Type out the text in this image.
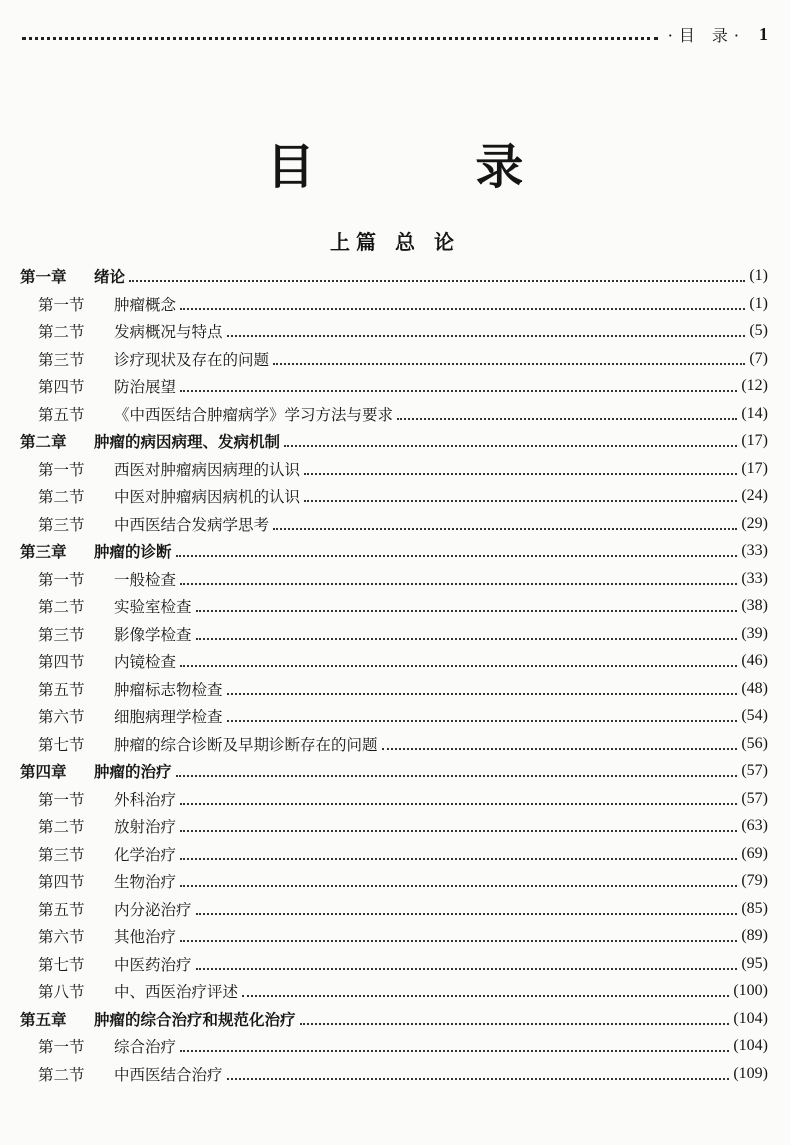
·目 录· 1
目 录
上篇 总 论
第一章	绪论	(1)
第一节	肿瘤概念	(1)
第二节	发病概况与特点	(5)
第三节	诊疗现状及存在的问题	(7)
第四节	防治展望	(12)
第五节	《中西医结合肿瘤病学》学习方法与要求	(14)
第二章	肿瘤的病因病理、发病机制	(17)
第一节	西医对肿瘤病因病理的认识	(17)
第二节	中医对肿瘤病因病机的认识	(24)
第三节	中西医结合发病学思考	(29)
第三章	肿瘤的诊断	(33)
第一节	一般检查	(33)
第二节	实验室检查	(38)
第三节	影像学检查	(39)
第四节	内镜检查	(46)
第五节	肿瘤标志物检查	(48)
第六节	细胞病理学检查	(54)
第七节	肿瘤的综合诊断及早期诊断存在的问题	(56)
第四章	肿瘤的治疗	(57)
第一节	外科治疗	(57)
第二节	放射治疗	(63)
第三节	化学治疗	(69)
第四节	生物治疗	(79)
第五节	内分泌治疗	(85)
第六节	其他治疗	(89)
第七节	中医药治疗	(95)
第八节	中、西医治疗评述	(100)
第五章	肿瘤的综合治疗和规范化治疗	(104)
第一节	综合治疗	(104)
第二节	中西医结合治疗	(109)
